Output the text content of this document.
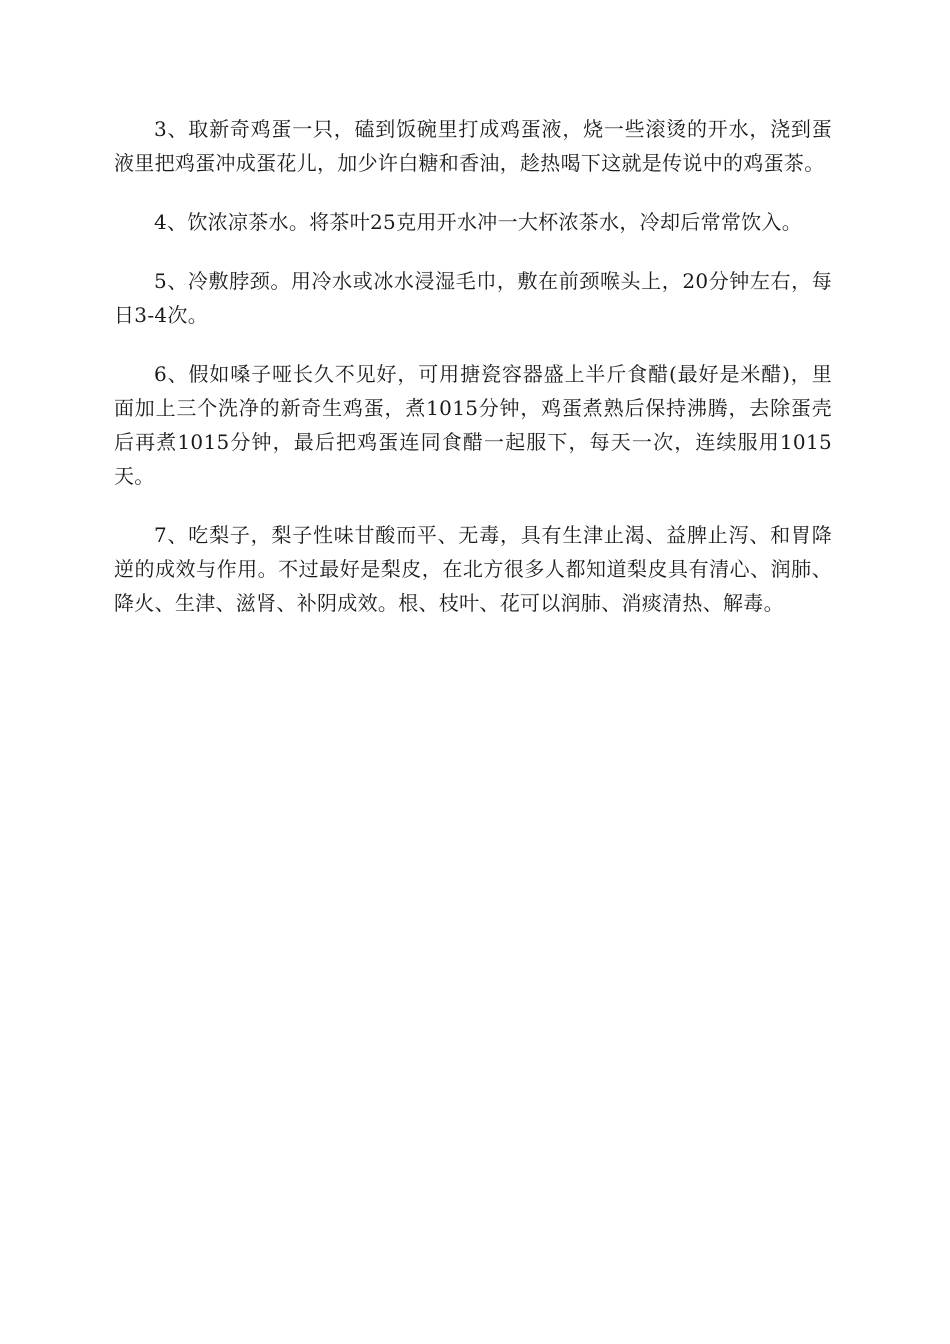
3、取新奇鸡蛋一只，磕到饭碗里打成鸡蛋液，烧一些滚烫的开水，浇到蛋液里把鸡蛋冲成蛋花儿，加少许白糖和香油，趁热喝下这就是传说中的鸡蛋茶。

4、饮浓凉茶水。将茶叶25克用开水冲一大杯浓茶水，冷却后常常饮入。

5、冷敷脖颈。用冷水或冰水浸湿毛巾，敷在前颈喉头上，20分钟左右，每日3-4次。

6、假如嗓子哑长久不见好，可用搪瓷容器盛上半斤食醋(最好是米醋)，里面加上三个洗净的新奇生鸡蛋，煮1015分钟，鸡蛋煮熟后保持沸腾，去除蛋壳后再煮1015分钟，最后把鸡蛋连同食醋一起服下，每天一次，连续服用1015天。

7、吃梨子，梨子性味甘酸而平、无毒，具有生津止渴、益脾止泻、和胃降逆的成效与作用。不过最好是梨皮，在北方很多人都知道梨皮具有清心、润肺、降火、生津、滋肾、补阴成效。根、枝叶、花可以润肺、消痰清热、解毒。
